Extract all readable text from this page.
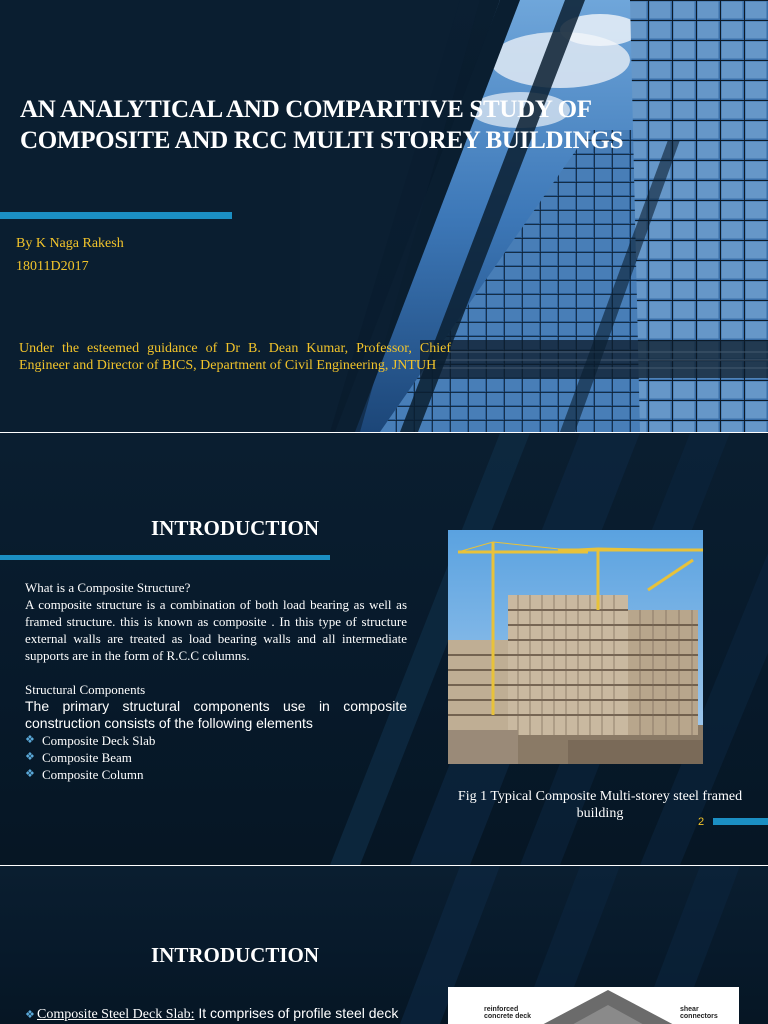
AN ANALYTICAL AND COMPARITIVE STUDY OF COMPOSITE AND RCC MULTI STOREY BUILDINGS
By K Naga Rakesh
18011D2017
Under the esteemed guidance of Dr B. Dean Kumar, Professor, Chief Engineer and Director of BICS, Department of Civil Engineering, JNTUH
INTRODUCTION

What is a Composite Structure?

A composite structure is a combination of both load bearing as well as framed structure. this is known as composite . In this type of structure external walls are treated as load bearing walls and all intermediate supports are in the form of R.C.C columns.

Structural Components

The primary structural components use in composite construction consists of the following elements

❖ Composite Deck Slab
❖ Composite Beam
❖ Composite Column
Fig 1 Typical Composite Multi-storey steel framed building
2
INTRODUCTION
❖ Composite Steel Deck Slab: It comprises of profile steel deck	reinforced concrete deck
shear connectors
